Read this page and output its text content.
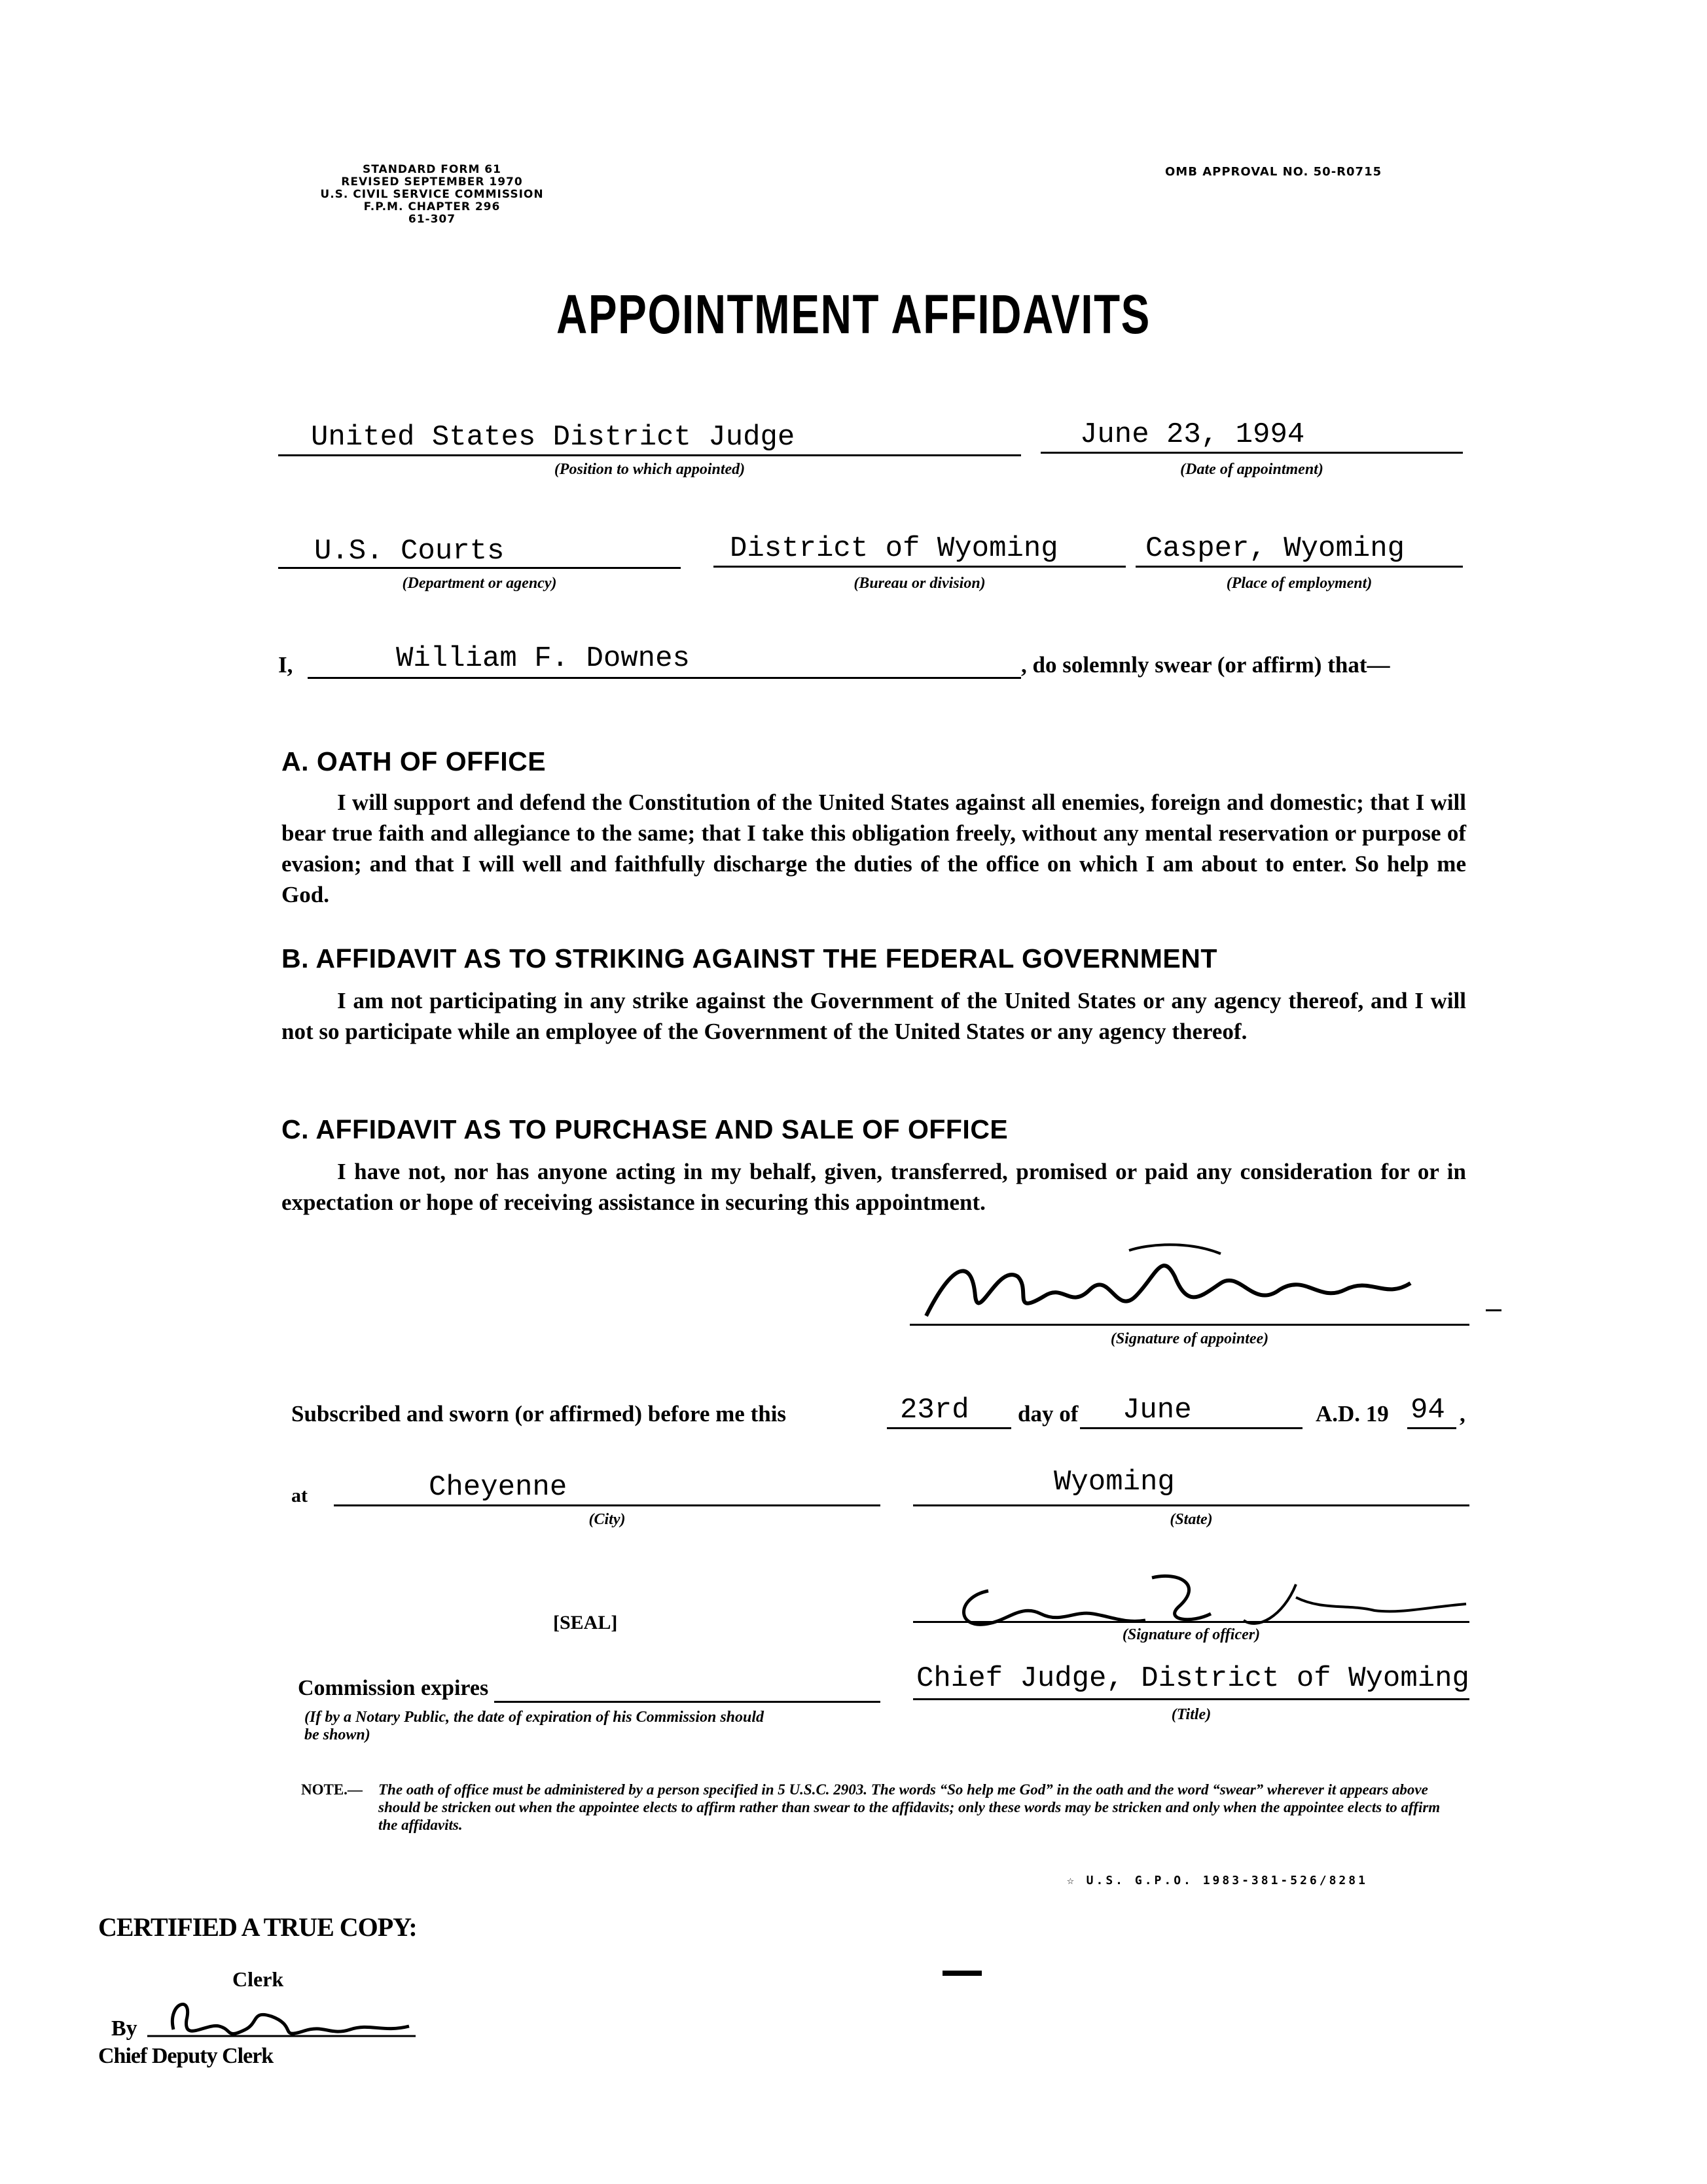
STANDARD FORM 61
REVISED SEPTEMBER 1970
U.S. CIVIL SERVICE COMMISSION
F.P.M. CHAPTER 296
61-307
OMB APPROVAL NO. 50-R0715
APPOINTMENT AFFIDAVITS
United States District Judge
(Position to which appointed)
June 23, 1994
(Date of appointment)
U.S. Courts
(Department or agency)
District of Wyoming
(Bureau or division)
Casper, Wyoming
(Place of employment)
I,	William F. Downes	, do solemnly swear (or affirm) that—
A. OATH OF OFFICE
I will support and defend the Constitution of the United States against all enemies, foreign and domestic; that I will bear true faith and allegiance to the same; that I take this obligation freely, without any mental reservation or purpose of evasion; and that I will well and faithfully discharge the duties of the office on which I am about to enter. So help me God.
B. AFFIDAVIT AS TO STRIKING AGAINST THE FEDERAL GOVERNMENT
I am not participating in any strike against the Government of the United States or any agency thereof, and I will not so participate while an employee of the Government of the United States or any agency thereof.
C. AFFIDAVIT AS TO PURCHASE AND SALE OF OFFICE
I have not, nor has anyone acting in my behalf, given, transferred, promised or paid any consideration for or in expectation or hope of receiving assistance in securing this appointment.
(Signature of appointee)
Subscribed and sworn (or affirmed) before me this	23rd day of June	A.D. 19 94 ,
at	Cheyenne
(City)
Wyoming
(State)
[SEAL]
(Signature of officer)
Commission expires
(If by a Notary Public, the date of expiration of his Commission should be shown)
Chief Judge, District of Wyoming
(Title)
NOTE.—	The oath of office must be administered by a person specified in 5 U.S.C. 2903. The words “So help me God” in the oath and the word “swear” wherever it appears above should be stricken out when the appointee elects to affirm rather than swear to the affidavits; only these words may be stricken and only when the appointee elects to affirm the affidavits.
☆ U.S. G.P.O. 1983-381-526/8281
CERTIFIED A TRUE COPY:
Clerk
By
Chief Deputy Clerk
